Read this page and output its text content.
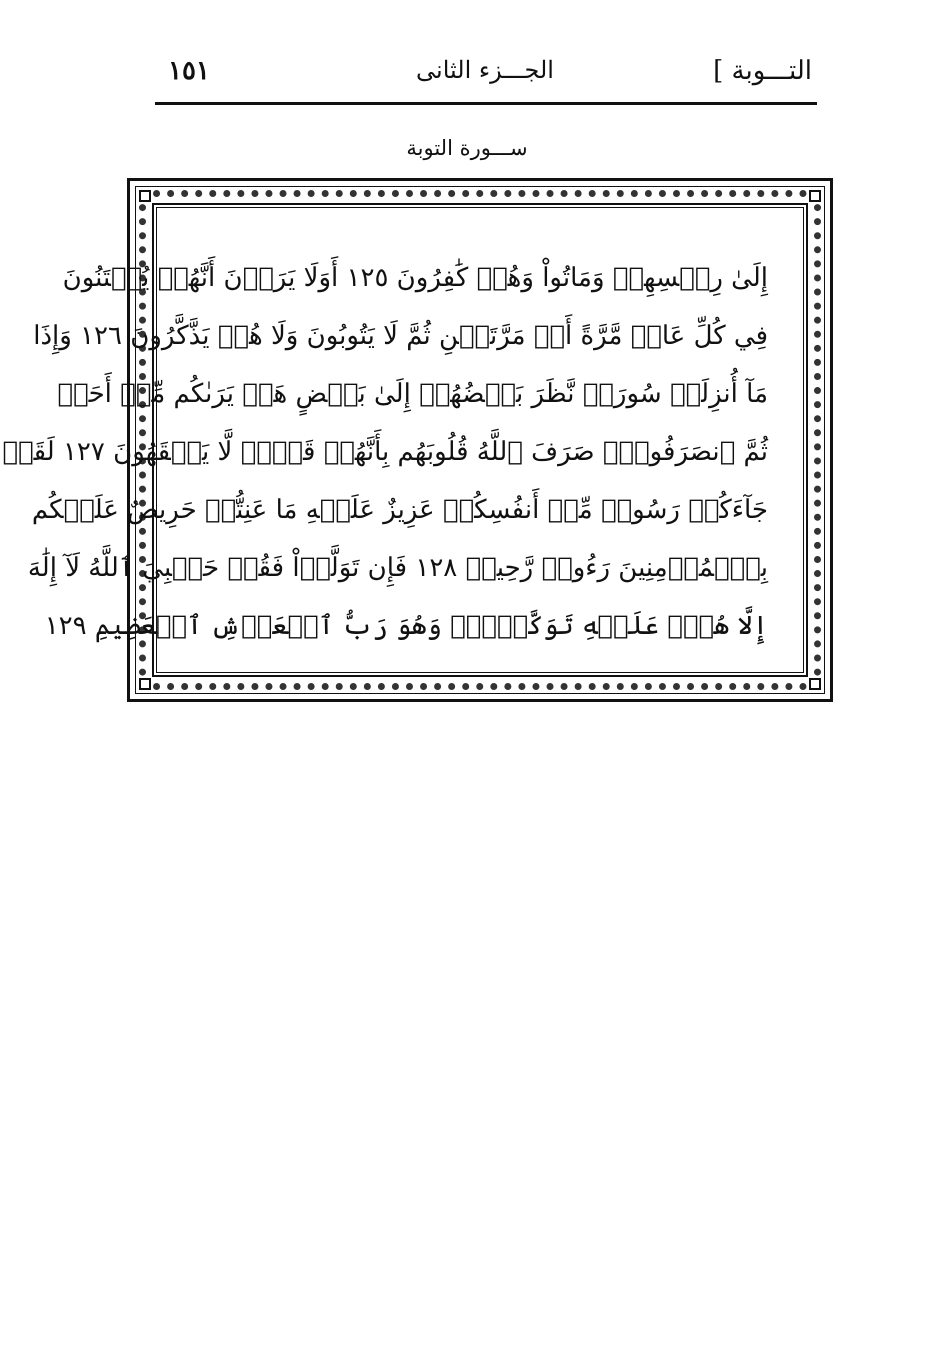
التـــوبة ]
الجـــزء الثانى
١٥١
ســـورة التوبة
إِلَىٰ رِجۡسِهِمۡ وَمَاتُواْ وَهُمۡ كَٰفِرُونَ ١٢٥ أَوَلَا يَرَوۡنَ أَنَّهُمۡ يُفۡتَنُونَ
فِي كُلِّ عَامٖ مَّرَّةً أَوۡ مَرَّتَيۡنِ ثُمَّ لَا يَتُوبُونَ وَلَا هُمۡ يَذَّكَّرُونَ ١٢٦ وَإِذَا
مَآ أُنزِلَتۡ سُورَةٞ نَّظَرَ بَعۡضُهُمۡ إِلَىٰ بَعۡضٍ هَلۡ يَرَىٰكُم مِّنۡ أَحَدٖ
ثُمَّ ٱنصَرَفُواْۚ صَرَفَ ٱللَّهُ قُلُوبَهُم بِأَنَّهُمۡ قَوۡمٞ لَّا يَفۡقَهُونَ ١٢٧ لَقَدۡ
جَآءَكُمۡ رَسُولٞ مِّنۡ أَنفُسِكُمۡ عَزِيزٌ عَلَيۡهِ مَا عَنِتُّمۡ حَرِيصٌ عَلَيۡكُم
بِٱلۡمُؤۡمِنِينَ رَءُوفٞ رَّحِيمٞ ١٢٨ فَإِن تَوَلَّوۡاْ فَقُلۡ حَسۡبِيَ ٱللَّهُ لَآ إِلَٰهَ
إِلَّا هُوَۖ عَلَيۡهِ تَوَكَّلۡتُۖ وَهُوَ رَبُّ ٱلۡعَرۡشِ ٱلۡعَظِيمِ ١٢٩
